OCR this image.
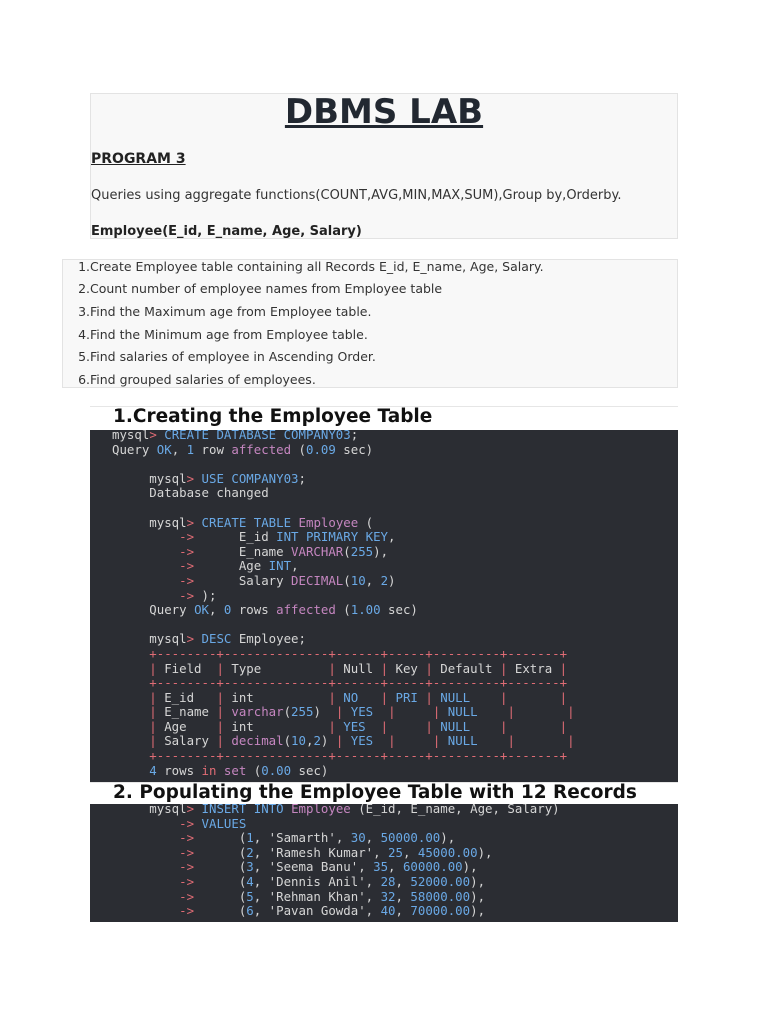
DBMS LAB
PROGRAM 3
Queries using aggregate functions(COUNT,AVG,MIN,MAX,SUM),Group by,Orderby.
Employee(E_id, E_name, Age, Salary)
1. Create Employee table containing all Records E_id, E_name, Age, Salary.
2. Count number of employee names from Employee table
3. Find the Maximum age from Employee table.
4. Find the Minimum age from Employee table.
5. Find salaries of employee in Ascending Order.
6. Find grouped salaries of employees.
1.Creating the Employee Table
mysql> CREATE DATABASE COMPANY03;
Query OK, 1 row affected (0.09 sec)

mysql> USE COMPANY03;
Database changed

mysql> CREATE TABLE Employee (
->      E_id INT PRIMARY KEY,
->      E_name VARCHAR(255),
->      Age INT,
->      Salary DECIMAL(10, 2)
-> );
Query OK, 0 rows affected (1.00 sec)

mysql> DESC Employee;
+--------+--------------+------+-----+---------+-------+
| Field  | Type         | Null | Key | Default | Extra |
+--------+--------------+------+-----+---------+-------+
| E_id   | int          | NO   | PRI | NULL    |       |
| E_name | varchar(255)  | YES  |     | NULL    |       |
| Age    | int          | YES  |     | NULL    |       |
| Salary | decimal(10,2) | YES  |     | NULL    |       |
+--------+--------------+------+-----+---------+-------+
4 rows in set (0.00 sec)
2. Populating the Employee Table with 12 Records
mysql> INSERT INTO Employee (E_id, E_name, Age, Salary)
-> VALUES
->      (1, 'Samarth', 30, 50000.00),
->      (2, 'Ramesh Kumar', 25, 45000.00),
->      (3, 'Seema Banu', 35, 60000.00),
->      (4, 'Dennis Anil', 28, 52000.00),
->      (5, 'Rehman Khan', 32, 58000.00),
->      (6, 'Pavan Gowda', 40, 70000.00),
